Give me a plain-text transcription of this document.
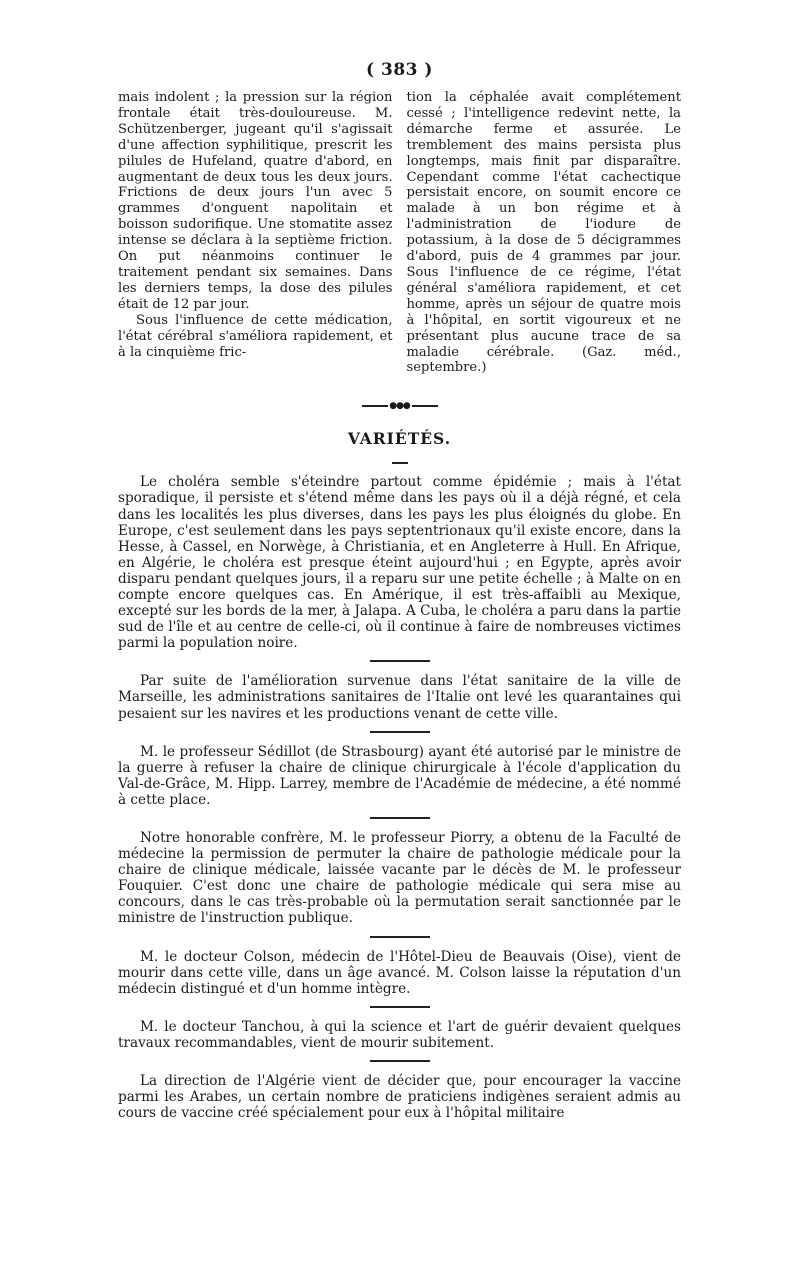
( 383 )

mais indolent ; la pression sur la région frontale était très-douloureuse. M. Schützenberger, jugeant qu'il s'agissait d'une affection syphilitique, prescrit les pilules de Hufeland, quatre d'abord, en augmentant de deux tous les deux jours. Frictions de deux jours l'un avec 5 grammes d'onguent napolitain et boisson sudorifique. Une stomatite assez intense se déclara à la septième friction. On put néanmoins continuer le traitement pendant six semaines. Dans les derniers temps, la dose des pilules était de 12 par jour.

Sous l'influence de cette médication, l'état cérébral s'améliora rapidement, et à la cinquième fric-

tion la céphalée avait complétement cessé ; l'intelligence redevint nette, la démarche ferme et assurée. Le tremblement des mains persista plus longtemps, mais finit par disparaître. Cependant comme l'état cachectique persistait encore, on soumit encore ce malade à un bon régime et à l'administration de l'iodure de potassium, à la dose de 5 décigrammes d'abord, puis de 4 grammes par jour. Sous l'influence de ce régime, l'état général s'améliora rapidement, et cet homme, après un séjour de quatre mois à l'hôpital, en sortit vigoureux et ne présentant plus aucune trace de sa maladie cérébrale. (Gaz. méd., septembre.)

●●●
VARIÉTÉS.

Le choléra semble s'éteindre partout comme épidémie ; mais à l'état sporadique, il persiste et s'étend même dans les pays où il a déjà régné, et cela dans les localités les plus diverses, dans les pays les plus éloignés du globe. En Europe, c'est seulement dans les pays septentrionaux qu'il existe encore, dans la Hesse, à Cassel, en Norwège, à Christiania, et en Angleterre à Hull. En Afrique, en Algérie, le choléra est presque éteint aujourd'hui ; en Egypte, après avoir disparu pendant quelques jours, il a reparu sur une petite échelle ; à Malte on en compte encore quelques cas. En Amérique, il est très-affaibli au Mexique, excepté sur les bords de la mer, à Jalapa. A Cuba, le choléra a paru dans la partie sud de l'île et au centre de celle-ci, où il continue à faire de nombreuses victimes parmi la population noire.

Par suite de l'amélioration survenue dans l'état sanitaire de la ville de Marseille, les administrations sanitaires de l'Italie ont levé les quarantaines qui pesaient sur les navires et les productions venant de cette ville.

M. le professeur Sédillot (de Strasbourg) ayant été autorisé par le ministre de la guerre à refuser la chaire de clinique chirurgicale à l'école d'application du Val-de-Grâce, M. Hipp. Larrey, membre de l'Académie de médecine, a été nommé à cette place.

Notre honorable confrère, M. le professeur Piorry, a obtenu de la Faculté de médecine la permission de permuter la chaire de pathologie médicale pour la chaire de clinique médicale, laissée vacante par le décès de M. le professeur Fouquier. C'est donc une chaire de pathologie médicale qui sera mise au concours, dans le cas très-probable où la permutation serait sanctionnée par le ministre de l'instruction publique.

M. le docteur Colson, médecin de l'Hôtel-Dieu de Beauvais (Oise), vient de mourir dans cette ville, dans un âge avancé. M. Colson laisse la réputation d'un médecin distingué et d'un homme intègre.

M. le docteur Tanchou, à qui la science et l'art de guérir devaient quelques travaux recommandables, vient de mourir subitement.

La direction de l'Algérie vient de décider que, pour encourager la vaccine parmi les Arabes, un certain nombre de praticiens indigènes seraient admis au cours de vaccine créé spécialement pour eux à l'hôpital militaire
